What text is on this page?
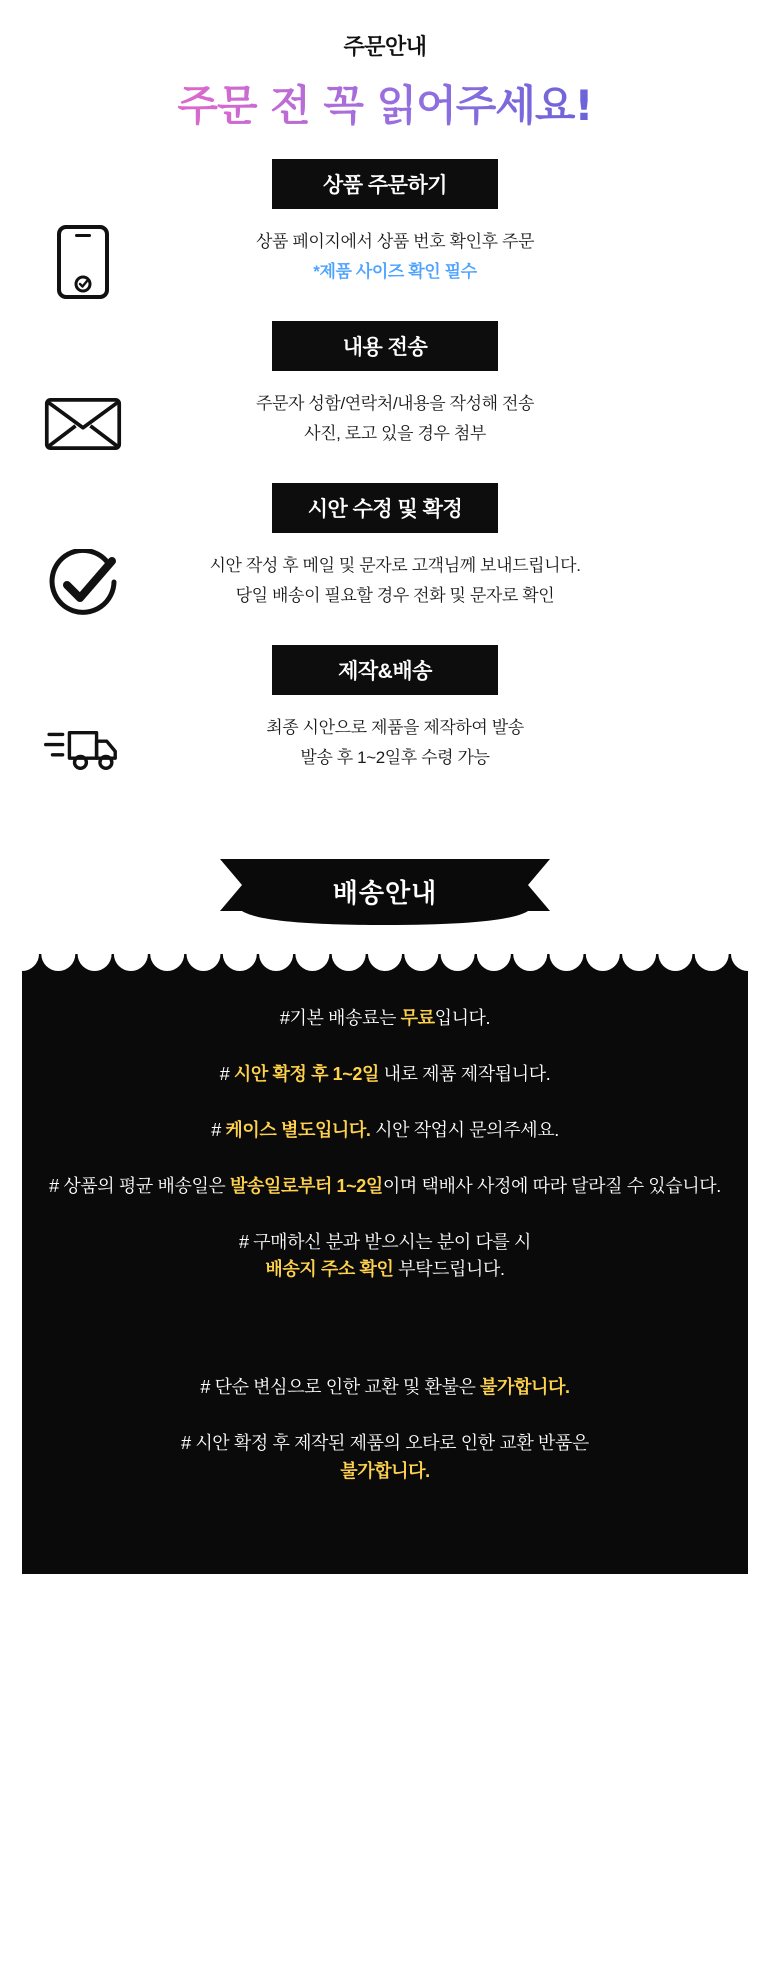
주문안내
주문 전 꼭 읽어주세요!
상품 주문하기
상품 페이지에서 상품 번호 확인후 주문
*제품 사이즈 확인 필수
내용 전송
주문자 성함/연락처/내용을 작성해 전송
사진, 로고 있을 경우 첨부
시안 수정 및 확정
시안 작성 후 메일 및 문자로 고객님께 보내드립니다.
당일 배송이 필요할 경우 전화 및 문자로 확인
제작&배송
최종 시안으로 제품을 제작하여 발송
발송 후 1~2일후 수령 가능
배송안내
#기본 배송료는 무료입니다.
# 시안 확정 후 1~2일 내로 제품 제작됩니다.
# 케이스 별도입니다. 시안 작업시 문의주세요.
# 상품의 평균 배송일은 발송일로부터 1~2일이며 택배사 사정에 따라 달라질 수 있습니다.
# 구매하신 분과 받으시는 분이 다를 시
배송지 주소 확인 부탁드립니다.
# 단순 변심으로 인한 교환 및 환불은 불가합니다.
# 시안 확정 후 제작된 제품의 오타로 인한 교환 반품은
불가합니다.
